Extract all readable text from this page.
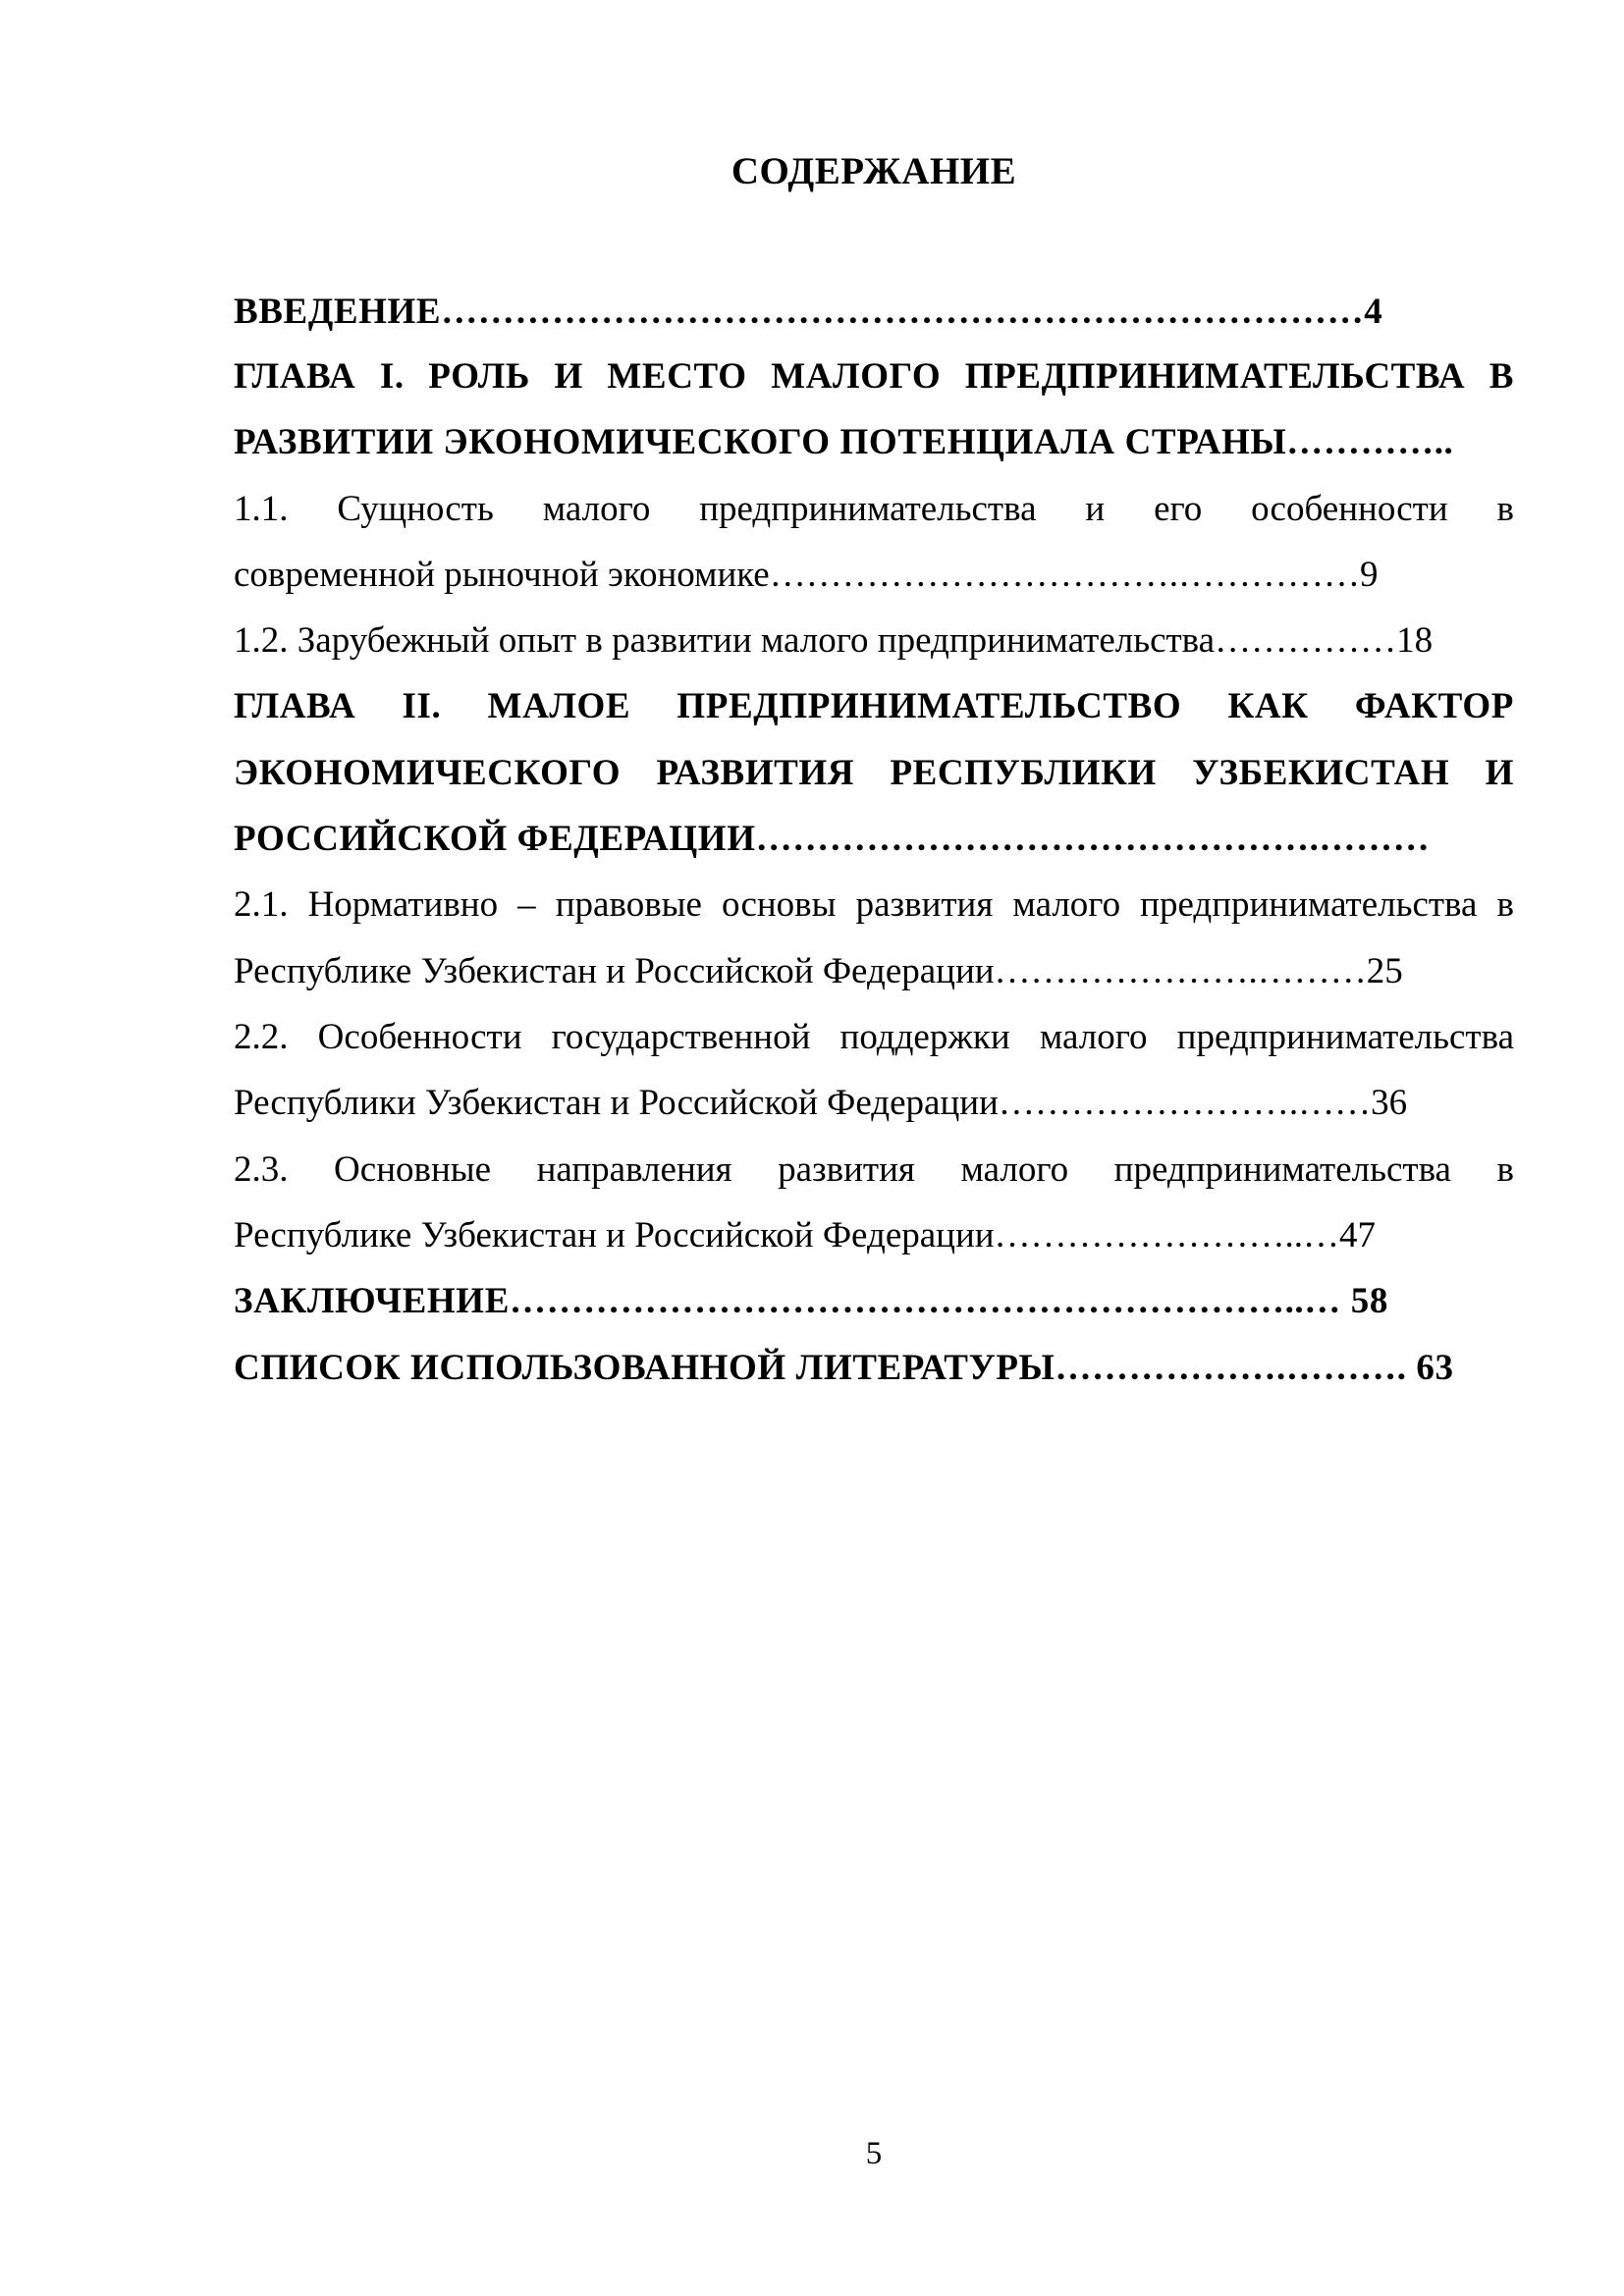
СОДЕРЖАНИЕ
ВВЕДЕНИЕ…………………………………………………………………4
ГЛАВА I. РОЛЬ И МЕСТО МАЛОГО ПРЕДПРИНИМАТЕЛЬСТВА В
РАЗВИТИИ ЭКОНОМИЧЕСКОГО ПОТЕНЦИАЛА СТРАНЫ…………..
1.1. Сущность малого предпринимательства и его особенности в
современной рыночной экономике…………………………….……………9
1.2. Зарубежный опыт в развитии малого предпринимательства……………18
ГЛАВА II. МАЛОЕ ПРЕДПРИНИМАТЕЛЬСТВО КАК ФАКТОР
ЭКОНОМИЧЕСКОГО РАЗВИТИЯ РЕСПУБЛИКИ УЗБЕКИСТАН И
РОССИЙСКОЙ ФЕДЕРАЦИИ……………………………………….………
2.1. Нормативно – правовые основы развития малого предпринимательства в
Республике Узбекистан и Российской Федерации………………….………25
2.2. Особенности государственной поддержки малого предпринимательства
Республики Узбекистан и Российской Федерации…………………….……36
2.3. Основные направления развития малого предпринимательства в
Республике Узбекистан и Российской Федерации……………………..…47
ЗАКЛЮЧЕНИЕ………………………………………………………..… 58
СПИСОК ИСПОЛЬЗОВАННОЙ ЛИТЕРАТУРЫ……………….………. 63
5
